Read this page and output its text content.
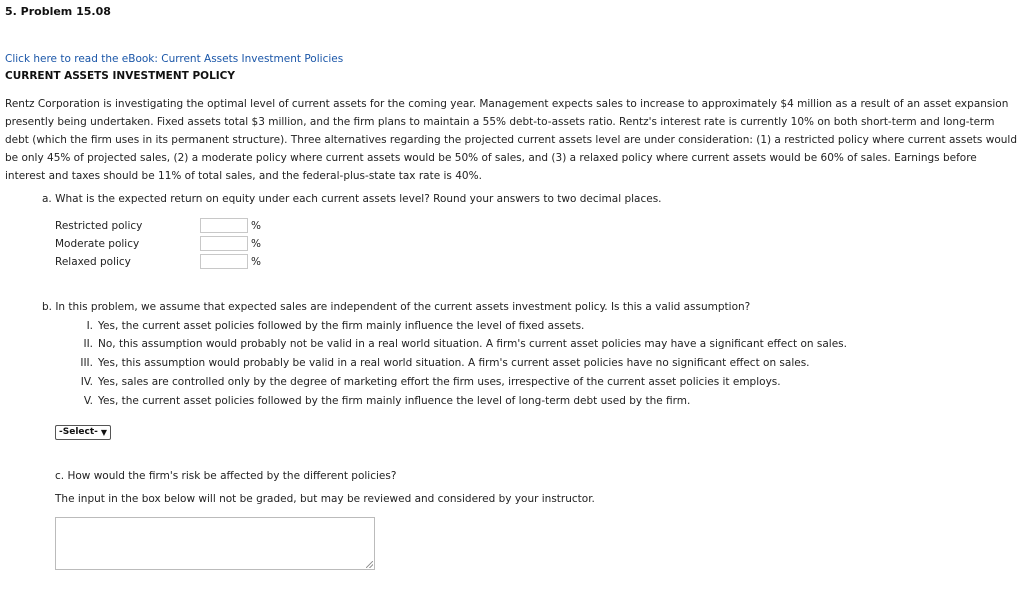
5. Problem 15.08
Click here to read the eBook: Current Assets Investment Policies
CURRENT ASSETS INVESTMENT POLICY
Rentz Corporation is investigating the optimal level of current assets for the coming year. Management expects sales to increase to approximately $4 million as a result of an asset expansion presently being undertaken. Fixed assets total $3 million, and the firm plans to maintain a 55% debt-to-assets ratio. Rentz's interest rate is currently 10% on both short-term and long-term debt (which the firm uses in its permanent structure). Three alternatives regarding the projected current assets level are under consideration: (1) a restricted policy where current assets would be only 45% of projected sales, (2) a moderate policy where current assets would be 50% of sales, and (3) a relaxed policy where current assets would be 60% of sales. Earnings before interest and taxes should be 11% of total sales, and the federal-plus-state tax rate is 40%.
a. What is the expected return on equity under each current assets level? Round your answers to two decimal places.
Restricted policy	%
Moderate policy	%
Relaxed policy	%
b. In this problem, we assume that expected sales are independent of the current assets investment policy. Is this a valid assumption?
I. Yes, the current asset policies followed by the firm mainly influence the level of fixed assets.
II. No, this assumption would probably not be valid in a real world situation. A firm's current asset policies may have a significant effect on sales.
III. Yes, this assumption would probably be valid in a real world situation. A firm's current asset policies have no significant effect on sales.
IV. Yes, sales are controlled only by the degree of marketing effort the firm uses, irrespective of the current asset policies it employs.
V. Yes, the current asset policies followed by the firm mainly influence the level of long-term debt used by the firm.
-Select- ▼
c. How would the firm's risk be affected by the different policies?
The input in the box below will not be graded, but may be reviewed and considered by your instructor.
